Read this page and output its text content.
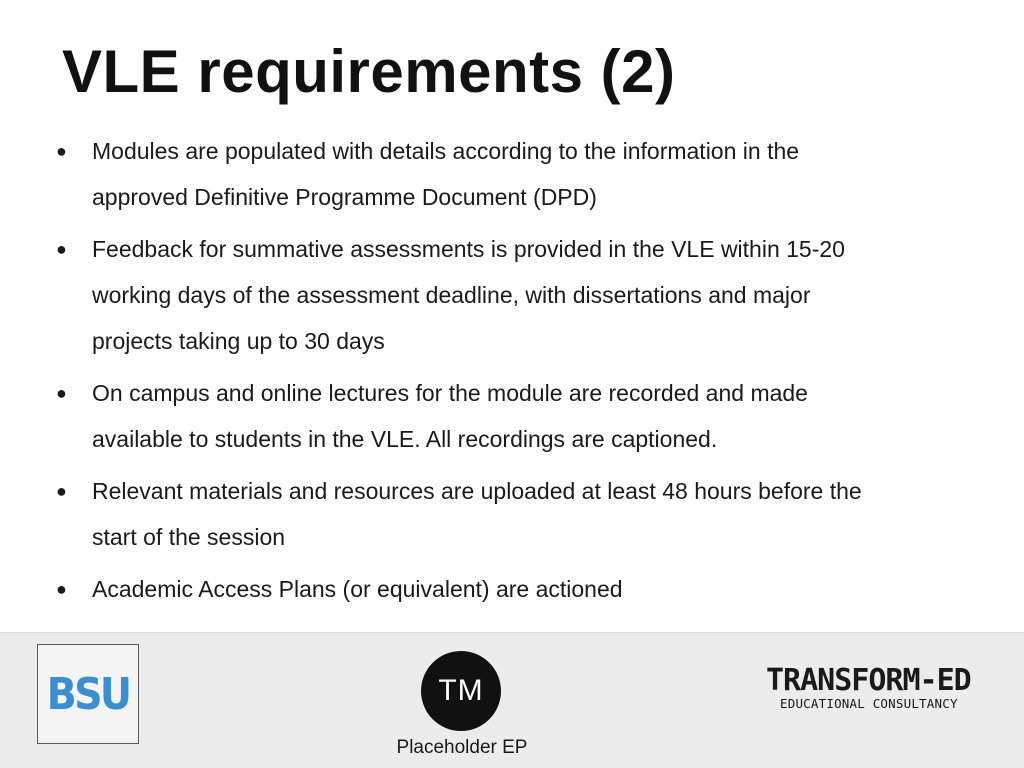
VLE requirements (2)
● Modules are populated with details according to the information in the
approved Definitive Programme Document (DPD)
● Feedback for summative assessments is provided in the VLE within 15-20
working days of the assessment deadline, with dissertations and major
projects taking up to 30 days
● On campus and online lectures for the module are recorded and made
available to students in the VLE. All recordings are captioned.
● Relevant materials and resources are uploaded at least 48 hours before the
start of the session
● Academic Access Plans (or equivalent) are actioned
BSU	TM
Placeholder EP
TRANSFORM-ED
EDUCATIONAL CONSULTANCY
